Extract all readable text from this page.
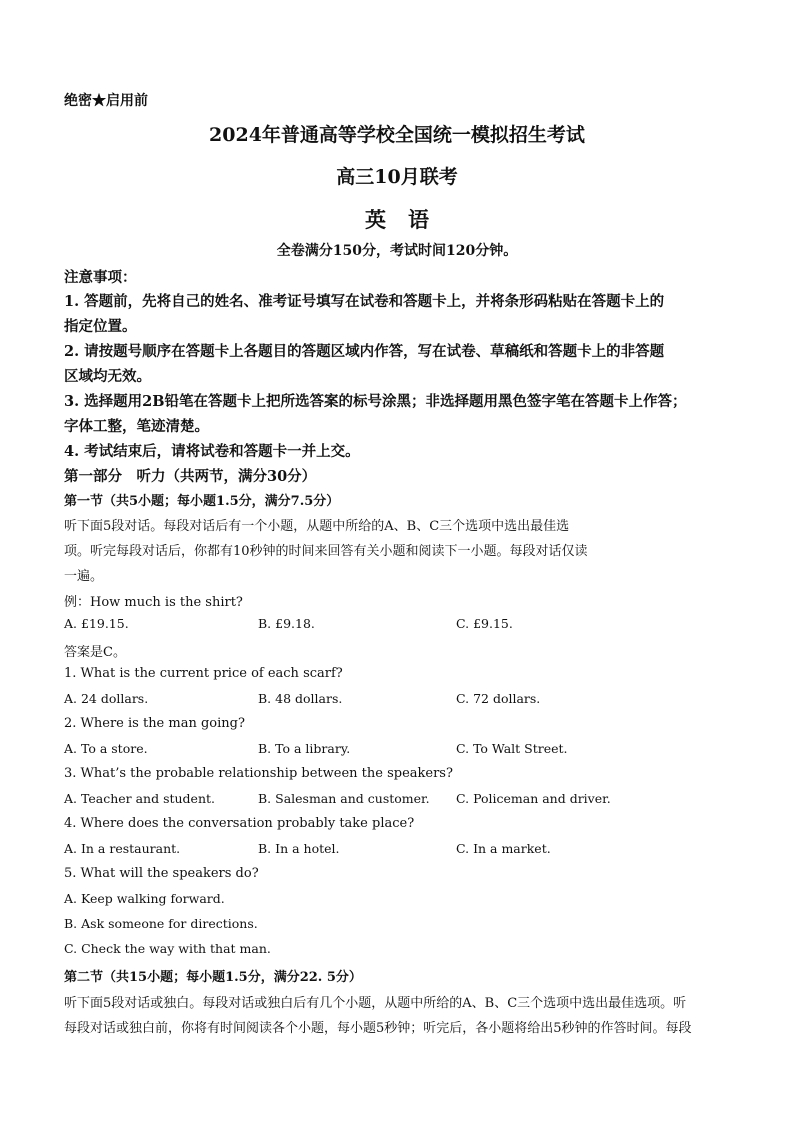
绝密★启用前
2024年普通高等学校全国统一模拟招生考试
高三10月联考
英 语
全卷满分150分，考试时间120分钟。
注意事项：
1. 答题前，先将自己的姓名、准考证号填写在试卷和答题卡上，并将条形码粘贴在答题卡上的
指定位置。
2. 请按题号顺序在答题卡上各题目的答题区域内作答，写在试卷、草稿纸和答题卡上的非答题
区域均无效。
3. 选择题用2B铅笔在答题卡上把所选答案的标号涂黑；非选择题用黑色签字笔在答题卡上作答；
字体工整，笔迹清楚。
4. 考试结束后，请将试卷和答题卡一并上交。
第一部分　听力（共两节，满分30分）
第一节（共5小题；每小题1.5分，满分7.5分）
听下面5段对话。每段对话后有一个小题，从题中所给的A、B、C三个选项中选出最佳选
项。听完每段对话后，你都有10秒钟的时间来回答有关小题和阅读下一小题。每段对话仅读
一遍。
例：How much is the shirt?
A. £19.15.	B. £9.18.	C. £9.15.
答案是C。
1. What is the current price of each scarf?
A. 24 dollars.	B. 48 dollars.	C. 72 dollars.
2. Where is the man going?
A. To a store.	B. To a library.	C. To Walt Street.
3. What’s the probable relationship between the speakers?
A. Teacher and student.	B. Salesman and customer. C. Policeman and driver.
4. Where does the conversation probably take place?
A. In a restaurant.	B. In a hotel.	C. In a market.
5. What will the speakers do?
A. Keep walking forward.
B. Ask someone for directions.
C. Check the way with that man.
第二节（共15小题；每小题1.5分，满分22. 5分）
听下面5段对话或独白。每段对话或独白后有几个小题，从题中所给的A、B、C三个选项中选出最佳选项。听
每段对话或独白前，你将有时间阅读各个小题，每小题5秒钟；听完后，各小题将给出5秒钟的作答时间。每段
